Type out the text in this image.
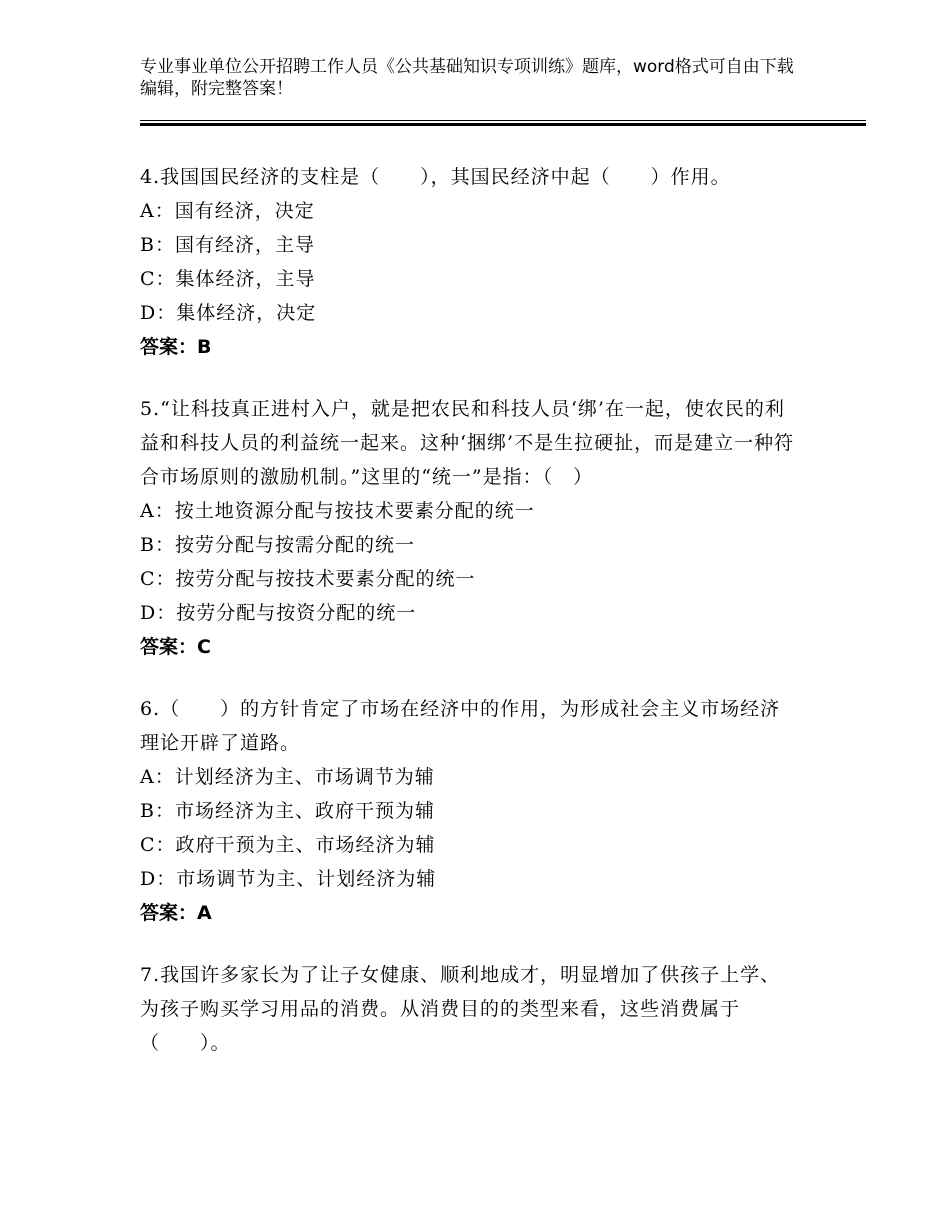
专业事业单位公开招聘工作人员《公共基础知识专项训练》题库，word格式可自由下载编辑，附完整答案！
4.我国国民经济的支柱是（　　），其国民经济中起（　　）作用。
A：国有经济，决定
B：国有经济，主导
C：集体经济，主导
D：集体经济，决定
答案：B
5.“让科技真正进村入户，就是把农民和科技人员‘绑’在一起，使农民的利益和科技人员的利益统一起来。这种‘捆绑’不是生拉硬扯，而是建立一种符合市场原则的激励机制。”这里的“统一”是指：（　）
A：按土地资源分配与按技术要素分配的统一
B：按劳分配与按需分配的统一
C：按劳分配与按技术要素分配的统一
D：按劳分配与按资分配的统一
答案：C
6.（　　）的方针肯定了市场在经济中的作用，为形成社会主义市场经济理论开辟了道路。
A：计划经济为主、市场调节为辅
B：市场经济为主、政府干预为辅
C：政府干预为主、市场经济为辅
D：市场调节为主、计划经济为辅
答案：A
7.我国许多家长为了让子女健康、顺利地成才，明显增加了供孩子上学、为孩子购买学习用品的消费。从消费目的的类型来看，这些消费属于（　　）。
